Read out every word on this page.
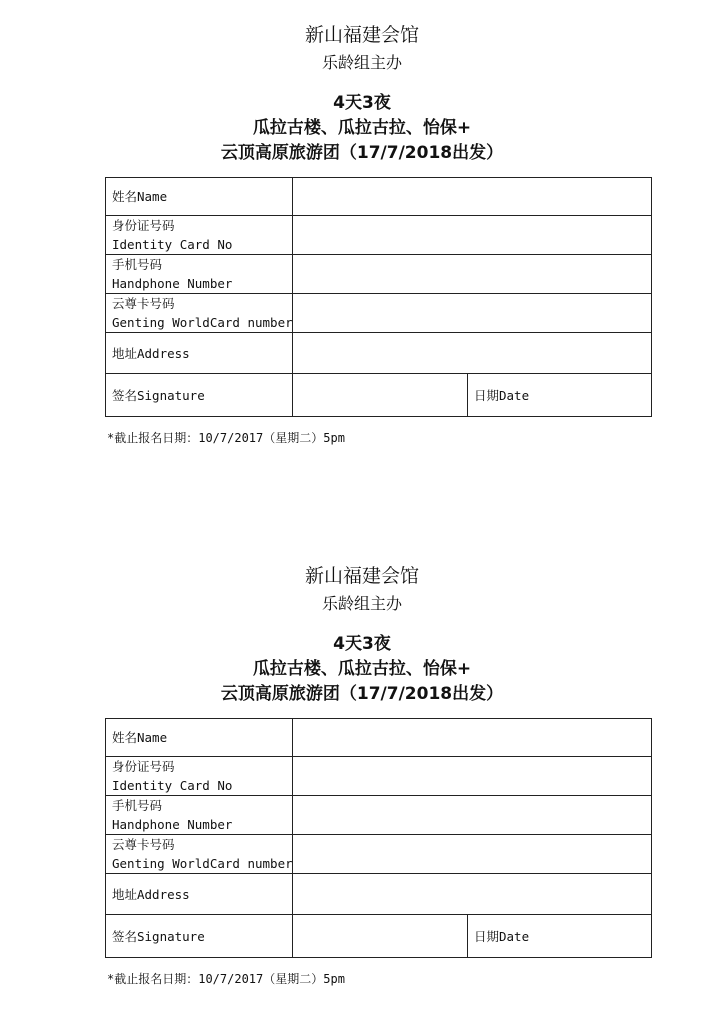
新山福建会馆
乐龄组主办
4天3夜
瓜拉古楼、瓜拉古拉、怡保+
云顶高原旅游团（17/7/2018出发）
姓名Name		

身份证号码
Identity Card No		

手机号码
Handphone Number		

云尊卡号码
Genting WorldCard number		

地址Address		
签名Signature		日期Date
*截止报名日期：10/7/2017（星期二）5pm
新山福建会馆
乐龄组主办
4天3夜
瓜拉古楼、瓜拉古拉、怡保+
云顶高原旅游团（17/7/2018出发）
姓名Name		

身份证号码
Identity Card No		

手机号码
Handphone Number		

云尊卡号码
Genting WorldCard number		

地址Address		
签名Signature		日期Date
*截止报名日期：10/7/2017（星期二）5pm
